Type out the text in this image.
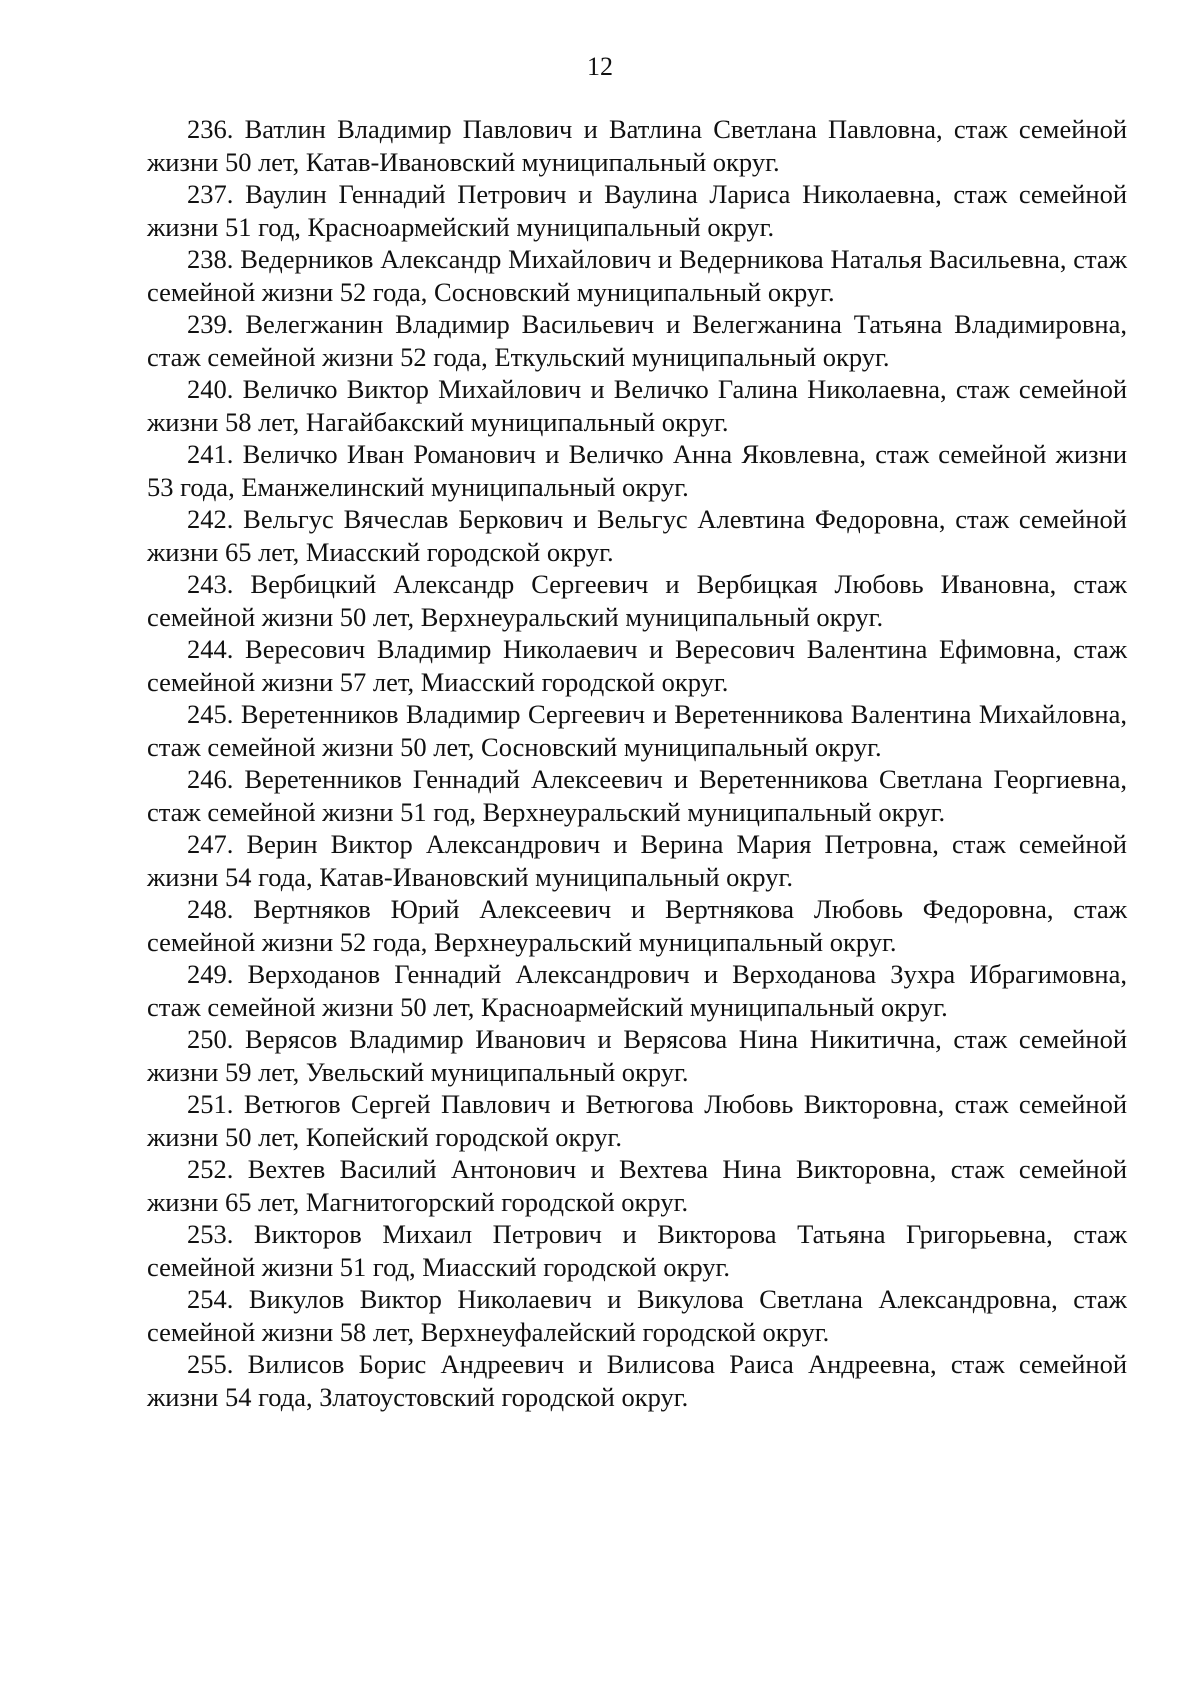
12
236. Ватлин Владимир Павлович и Ватлина Светлана Павловна, стаж семейной жизни 50 лет, Катав-Ивановский муниципальный округ.
237. Ваулин Геннадий Петрович и Ваулина Лариса Николаевна, стаж семейной жизни 51 год, Красноармейский муниципальный округ.
238. Ведерников Александр Михайлович и Ведерникова Наталья Васильевна, стаж семейной жизни 52 года, Сосновский муниципальный округ.
239. Велегжанин Владимир Васильевич и Велегжанина Татьяна Владимировна, стаж семейной жизни 52 года, Еткульский муниципальный округ.
240. Величко Виктор Михайлович и Величко Галина Николаевна, стаж семейной жизни 58 лет, Нагайбакский муниципальный округ.
241. Величко Иван Романович и Величко Анна Яковлевна, стаж семейной жизни 53 года, Еманжелинский муниципальный округ.
242. Вельгус Вячеслав Беркович и Вельгус Алевтина Федоровна, стаж семейной жизни 65 лет, Миасский городской округ.
243. Вербицкий Александр Сергеевич и Вербицкая Любовь Ивановна, стаж семейной жизни 50 лет, Верхнеуральский муниципальный округ.
244. Вересович Владимир Николаевич и Вересович Валентина Ефимовна, стаж семейной жизни 57 лет, Миасский городской округ.
245. Веретенников Владимир Сергеевич и Веретенникова Валентина Михайловна, стаж семейной жизни 50 лет, Сосновский муниципальный округ.
246. Веретенников Геннадий Алексеевич и Веретенникова Светлана Георгиевна, стаж семейной жизни 51 год, Верхнеуральский муниципальный округ.
247. Верин Виктор Александрович и Верина Мария Петровна, стаж семейной жизни 54 года, Катав-Ивановский муниципальный округ.
248. Вертняков Юрий Алексеевич и Вертнякова Любовь Федоровна, стаж семейной жизни 52 года, Верхнеуральский муниципальный округ.
249. Верходанов Геннадий Александрович и Верходанова Зухра Ибрагимовна, стаж семейной жизни 50 лет, Красноармейский муниципальный округ.
250. Верясов Владимир Иванович и Верясова Нина Никитична, стаж семейной жизни 59 лет, Увельский муниципальный округ.
251. Ветюгов Сергей Павлович и Ветюгова Любовь Викторовна, стаж семейной жизни 50 лет, Копейский городской округ.
252. Вехтев Василий Антонович и Вехтева Нина Викторовна, стаж семейной жизни 65 лет, Магнитогорский городской округ.
253. Викторов Михаил Петрович и Викторова Татьяна Григорьевна, стаж семейной жизни 51 год, Миасский городской округ.
254. Викулов Виктор Николаевич и Викулова Светлана Александровна, стаж семейной жизни 58 лет, Верхнеуфалейский городской округ.
255. Вилисов Борис Андреевич и Вилисова Раиса Андреевна, стаж семейной жизни 54 года, Златоустовский городской округ.
